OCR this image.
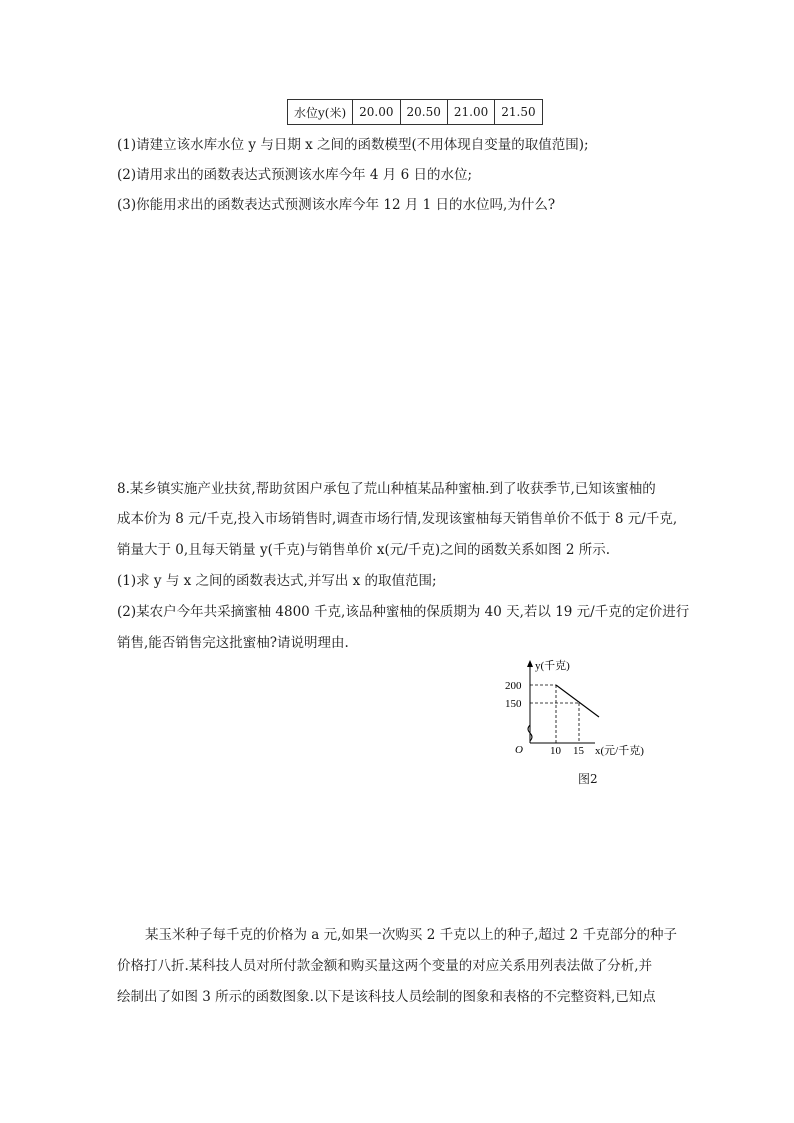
水位y(米)	20.00	20.50	21.00	21.50
(1)请建立该水库水位 y 与日期 x 之间的函数模型(不用体现自变量的取值范围);
(2)请用求出的函数表达式预测该水库今年 4 月 6 日的水位;
(3)你能用求出的函数表达式预测该水库今年 12 月 1 日的水位吗,为什么?
8.某乡镇实施产业扶贫,帮助贫困户承包了荒山种植某品种蜜柚.到了收获季节,已知该蜜柚的
成本价为 8 元/千克,投入市场销售时,调查市场行情,发现该蜜柚每天销售单价不低于 8 元/千克,
销量大于 0,且每天销量 y(千克)与销售单价 x(元/千克)之间的函数关系如图 2 所示.
(1)求 y 与 x 之间的函数表达式,并写出 x 的取值范围;
(2)某农户今年共采摘蜜柚 4800 千克,该品种蜜柚的保质期为 40 天,若以 19 元/千克的定价进行
销售,能否销售完这批蜜柚?请说明理由.
y(千克)
200
150
O 10 15 x(元/千克)
图2
某玉米种子每千克的价格为 a 元,如果一次购买 2 千克以上的种子,超过 2 千克部分的种子
价格打八折.某科技人员对所付款金额和购买量这两个变量的对应关系用列表法做了分析,并
绘制出了如图 3 所示的函数图象.以下是该科技人员绘制的图象和表格的不完整资料,已知点
